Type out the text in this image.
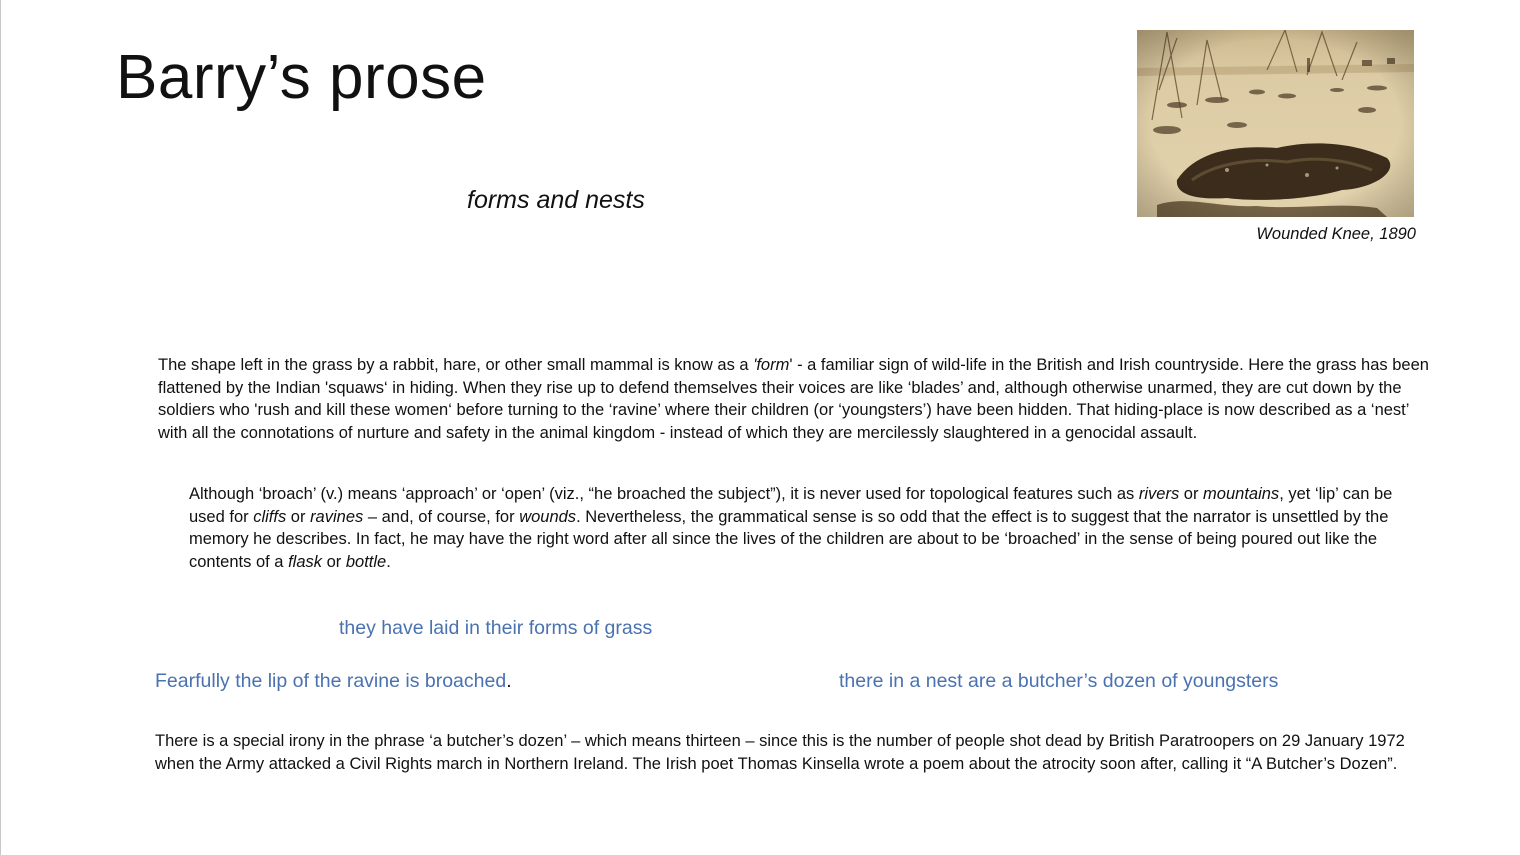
Barry’s prose
forms and nests
Wounded Knee, 1890
The shape left in the grass by a rabbit, hare, or other small mammal is know as a 'form' - a familiar sign of wild-life in the British and Irish countryside. Here the grass has been flattened by the Indian 'squaws‘ in hiding. When they rise up to defend themselves their voices are like ‘blades’ and, although otherwise unarmed, they are cut down by the soldiers who 'rush and kill these women‘ before turning to the ‘ravine’ where their children (or ‘youngsters’) have been hidden. That hiding-place is now described as a ‘nest’ with all the connotations of nurture and safety in the animal kingdom - instead of which they are mercilessly slaughtered in a genocidal assault.
Although ‘broach’ (v.) means ‘approach’ or ‘open’ (viz., “he broached the subject”), it is never used for topological features such as rivers or mountains, yet ‘lip’ can be used for cliffs or ravines – and, of course, for wounds. Nevertheless, the grammatical sense is so odd that the effect is to suggest that the narrator is unsettled by the memory he describes. In fact, he may have the right word after all since the lives of the children are about to be ‘broached’ in the sense of being poured out like the contents of a flask or bottle.
they have laid in their forms of grass
Fearfully the lip of the ravine is broached.	there in a nest are a butcher’s dozen of youngsters
There is a special irony in the phrase ‘a butcher’s dozen’ – which means thirteen – since this is the number of people shot dead by British Paratroopers on 29 January 1972 when the Army attacked a Civil Rights march in Northern Ireland. The Irish poet Thomas Kinsella wrote a poem about the atrocity soon after, calling it “A Butcher’s Dozen”.
